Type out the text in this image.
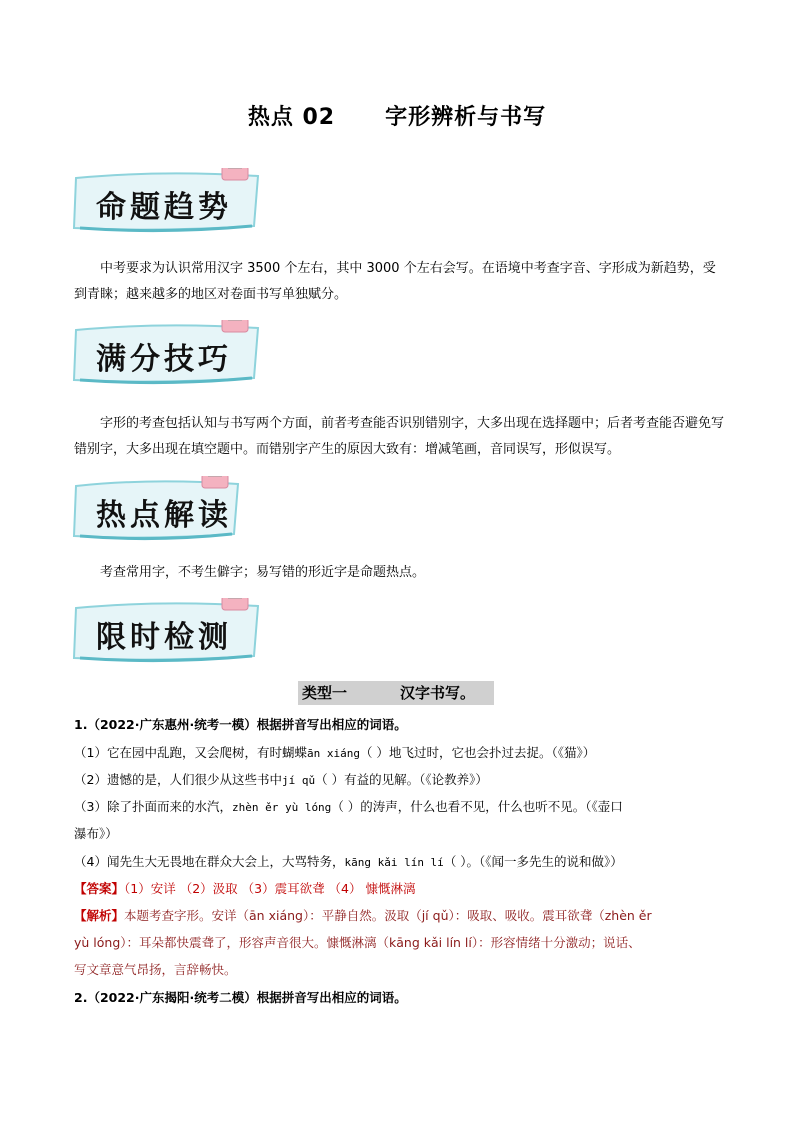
热点 02 字形辨析与书写
命题趋势
中考要求为认识常用汉字 3500 个左右，其中 3000 个左右会写。在语境中考查字音、字形成为新趋势，受到青睐；越来越多的地区对卷面书写单独赋分。
满分技巧
字形的考查包括认知与书写两个方面，前者考查能否识别错别字，大多出现在选择题中；后者考查能否避免写错别字，大多出现在填空题中。而错别字产生的原因大致有：增减笔画，音同误写，形似误写。
热点解读
考查常用字，不考生僻字；易写错的形近字是命题热点。
限时检测
类型一	汉字书写。
1.（2022·广东惠州·统考一模）根据拼音写出相应的词语。
（1）它在园中乱跑，又会爬树，有时蝴蝶ān xiáng（ ）地飞过时，它也会扑过去捉。（《猫》）
（2）遗憾的是，人们很少从这些书中jí qǔ（ ）有益的见解。（《论教养》）
（3）除了扑面而来的水汽，zhèn ěr yù lóng（ ）的涛声，什么也看不见，什么也听不见。（《壶口
瀑布》）
（4）闻先生大无畏地在群众大会上，大骂特务，kāng kǎi lín lí（ ）。（《闻一多先生的说和做》）
【答案】（1）安详 （2）汲取 （3）震耳欲聋 （4） 慷慨淋漓
【解析】本题考查字形。安详（ān xiáng）：平静自然。汲取（jí qǔ）：吸取、吸收。震耳欲聋（zhèn ěr
yù lóng）：耳朵都快震聋了，形容声音很大。慷慨淋漓（kāng kǎi lín lí）：形容情绪十分激动；说话、
写文章意气昂扬，言辞畅快。
2.（2022·广东揭阳·统考二模）根据拼音写出相应的词语。
